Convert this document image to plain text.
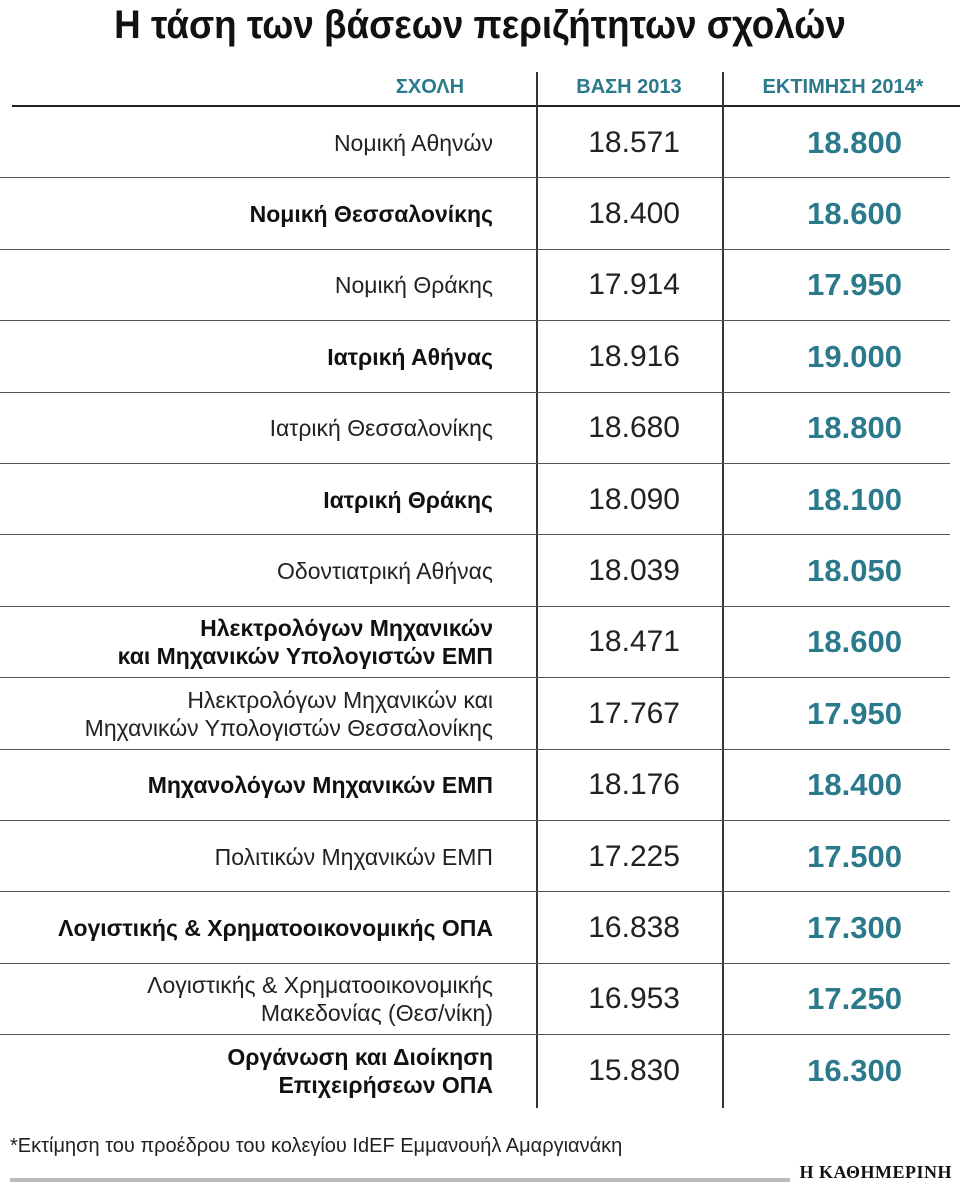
Η τάση των βάσεων περιζήτητων σχολών
ΣΧΟΛΗ	ΒΑΣΗ 2013	ΕΚΤΙΜΗΣΗ 2014*
Νομική Αθηνών	18.571	18.800
Νομική Θεσσαλονίκης	18.400	18.600
Νομική Θράκης	17.914	17.950
Ιατρική Αθήνας	18.916	19.000
Ιατρική Θεσσαλονίκης	18.680	18.800
Ιατρική Θράκης	18.090	18.100
Οδοντιατρική Αθήνας	18.039	18.050
Ηλεκτρολόγων Μηχανικών
και Μηχανικών Υπολογιστών ΕΜΠ	18.471	18.600
Ηλεκτρολόγων Μηχανικών και
Μηχανικών Υπολογιστών Θεσσαλονίκης	17.767	17.950
Μηχανολόγων Μηχανικών ΕΜΠ	18.176	18.400
Πολιτικών Μηχανικών ΕΜΠ	17.225	17.500
Λογιστικής & Χρηματοοικονομικής ΟΠΑ	16.838	17.300
Λογιστικής & Χρηματοοικονομικής
Μακεδονίας (Θεσ/νίκη)	16.953	17.250
Οργάνωση και Διοίκηση
Επιχειρήσεων ΟΠΑ	15.830	16.300
*Εκτίμηση του προέδρου του κολεγίου IdEF Εμμανουήλ Αμαργιανάκη
Η ΚΑΘΗΜΕΡΙΝΗ
